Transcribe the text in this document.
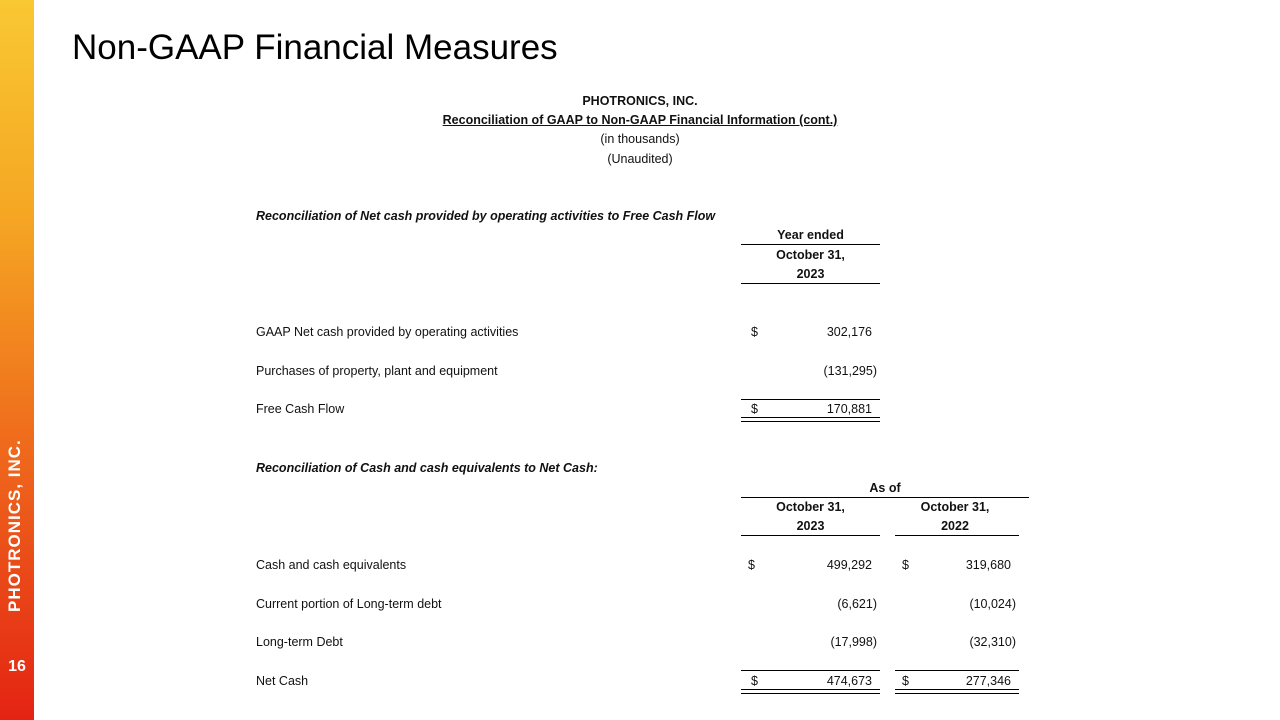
PHOTRONICS, INC.
16
Non-GAAP Financial Measures
PHOTRONICS, INC.
Reconciliation of GAAP to Non-GAAP Financial Information (cont.)
(in thousands)
(Unaudited)
Reconciliation of Net cash provided by operating activities to Free Cash Flow
Year ended
October 31,
2023
GAAP Net cash provided by operating activities	$	302,176
Purchases of property, plant and equipment	(131,295)
Free Cash Flow	$	170,881
Reconciliation of Cash and cash equivalents to Net Cash:
As of
October 31,
2023
October 31,
2022
Cash and cash equivalents	$	499,292 $	319,680
Current portion of Long-term debt	(6,621)	(10,024)
Long-term Debt	(17,998)	(32,310)
Net Cash	$	474,673 $	277,346
